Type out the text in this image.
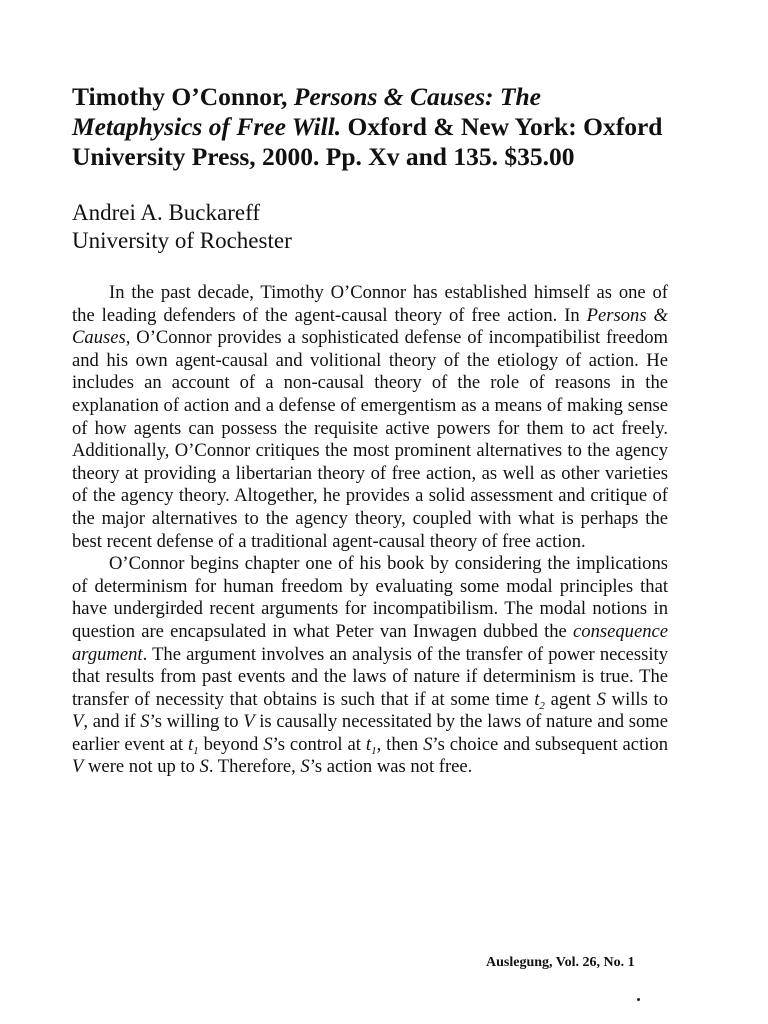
Timothy O’Connor, Persons & Causes: The Metaphysics of Free Will. Oxford & New York: Oxford University Press, 2000. Pp. Xv and 135. $35.00
Andrei A. Buckareff
University of Rochester

In the past decade, Timothy O’Connor has established himself as one of the leading defenders of the agent-causal theory of free action. In Persons & Causes, O’Connor provides a sophisticated defense of incompatibilist freedom and his own agent-causal and volitional theory of the etiology of action. He includes an account of a non-causal theory of the role of reasons in the explanation of action and a defense of emergentism as a means of making sense of how agents can possess the requisite active powers for them to act freely. Additionally, O’Connor critiques the most prominent alternatives to the agency theory at providing a libertarian theory of free action, as well as other varieties of the agency theory. Altogether, he provides a solid assessment and critique of the major alternatives to the agency theory, coupled with what is perhaps the best recent defense of a traditional agent-causal theory of free action.

O’Connor begins chapter one of his book by considering the implications of determinism for human freedom by evaluating some modal principles that have undergirded recent arguments for incompatibilism. The modal notions in question are encapsulated in what Peter van Inwagen dubbed the consequence argument. The argument involves an analysis of the transfer of power necessity that results from past events and the laws of nature if determinism is true. The transfer of necessity that obtains is such that if at some time $t_2$ agent S wills to V, and if S’s willing to V is causally necessitated by the laws of nature and some earlier event at $t_1$ beyond S’s control at $t_1$, then S’s choice and subsequent action V were not up to S. Therefore, S’s action was not free.

Auslegung, Vol. 26, No. 1
